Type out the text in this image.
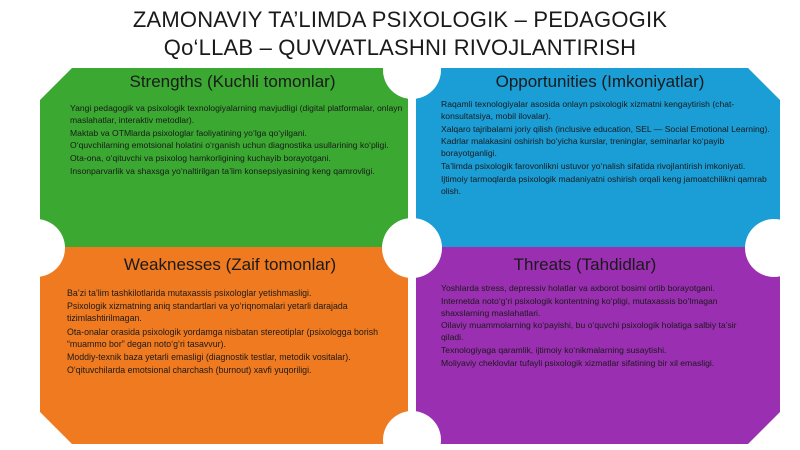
ZAMONAVIY TA’LIMDA PSIXOLOGIK – PEDAGOGIK
Qo‘LLAB – QUVVATLASHNI RIVOJLANTIRISH
Strengths (Kuchli tomonlar)
Yangi pedagogik va psixologik texnologiyalarning mavjudligi (digital platformalar, onlayn maslahatlar, interaktiv metodlar).
Maktab va OTMlarda psixologlar faoliyatining yo‘lga qo‘yilgani.
O‘quvchilarning emotsional holatini o‘rganish uchun diagnostika usullarining ko‘pligi.
Ota-ona, o‘qituvchi va psixolog hamkorligining kuchayib borayotgani.
Insonparvarlik va shaxsga yo‘naltirilgan ta’lim konsepsiyasining keng qamrovligi.
Opportunities (Imkoniyatlar)
Raqamli texnologiyalar asosida onlayn psixologik xizmatni kengaytirish (chat-konsultatsiya, mobil ilovalar).
Xalqaro tajribalarni joriy qilish (inclusive education, SEL — Social Emotional Learning).
Kadrlar malakasini oshirish bo‘yicha kurslar, treninglar, seminarlar ko‘payib borayotganligi.
Ta’limda psixologik farovonlikni ustuvor yo‘nalish sifatida rivojlantirish imkoniyati.
Ijtimoiy tarmoqlarda psixologik madaniyatni oshirish orqali keng jamoatchilikni qamrab olish.
Weaknesses (Zaif tomonlar)
Ba’zi ta’lim tashkilotlarida mutaxassis psixologlar yetishmasligi.
Psixologik xizmatning aniq standartlari va yo‘riqnomalari yetarli darajada tizimlashtirilmagan.
Ota-onalar orasida psixologik yordamga nisbatan stereotiplar (psixologga borish “muammo bor” degan noto‘g‘ri tasavvur).
Moddiy-texnik baza yetarli emasligi (diagnostik testlar, metodik vositalar).
O‘qituvchilarda emotsional charchash (burnout) xavfi yuqoriligi.
Threats (Tahdidlar)
Yoshlarda stress, depressiv holatlar va axborot bosimi ortib borayotgani.
Internetda noto‘g‘ri psixologik kontentning ko‘pligi, mutaxassis bo‘lmagan shaxslarning maslahatlari.
Oilaviy muammolarning ko‘payishi, bu o‘quvchi psixologik holatiga salbiy ta’sir qiladi.
Texnologiyaga qaramlik, ijtimoiy ko‘nikmalarning susaytishi.
Moliyaviy cheklovlar tufayli psixologik xizmatlar sifatining bir xil emasligi.
